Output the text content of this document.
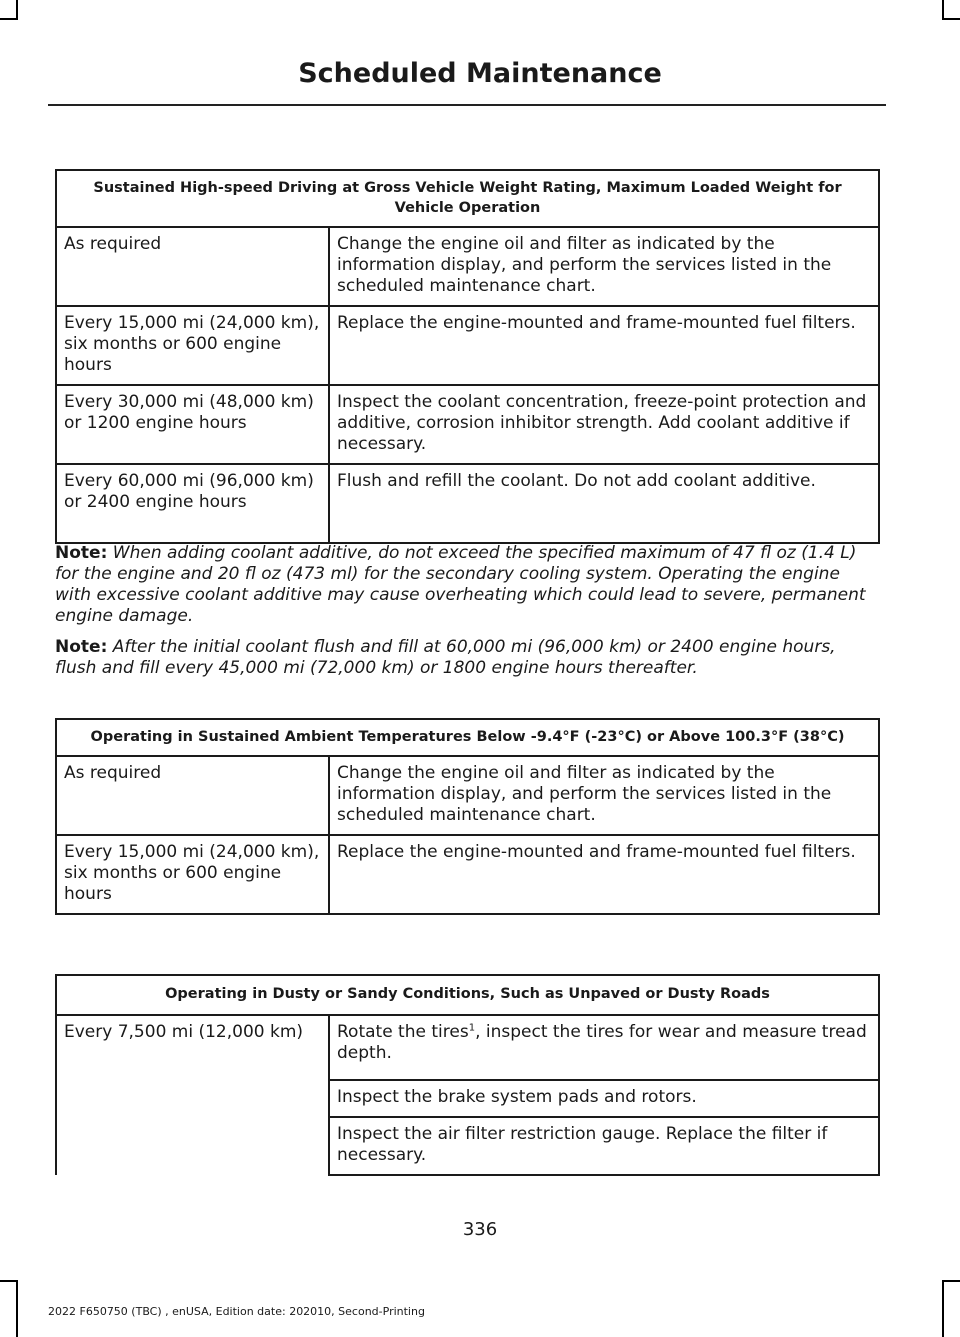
Scheduled Maintenance
Sustained High-speed Driving at Gross Vehicle Weight Rating, Maximum Loaded Weight for Vehicle Operation	
As required	Change the engine oil and filter as indicated by the information display, and perform the services listed in the scheduled maintenance chart.
Every 15,000 mi (24,000 km), six months or 600 engine hours	Replace the engine-mounted and frame-mounted fuel filters.
Every 30,000 mi (48,000 km) or 1200 engine hours	Inspect the coolant concentration, freeze-point protection and additive, corrosion inhibitor strength. Add coolant additive if necessary.
Every 60,000 mi (96,000 km) or 2400 engine hours	Flush and refill the coolant. Do not add coolant additive.

Note: When adding coolant additive, do not exceed the specified maximum of 47 fl oz (1.4 L) for the engine and 20 fl oz (473 ml) for the secondary cooling system. Operating the engine with excessive coolant additive may cause overheating which could lead to severe, permanent engine damage.

Note: After the initial coolant flush and fill at 60,000 mi (96,000 km) or 2400 engine hours, flush and fill every 45,000 mi (72,000 km) or 1800 engine hours thereafter.

Operating in Sustained Ambient Temperatures Below -9.4°F (-23°C) or Above 100.3°F (38°C)	
As required	Change the engine oil and filter as indicated by the information display, and perform the services listed in the scheduled maintenance chart.
Every 15,000 mi (24,000 km), six months or 600 engine hours	Replace the engine-mounted and frame-mounted fuel filters.
Operating in Dusty or Sandy Conditions, Such as Unpaved or Dusty Roads
Every 7,500 mi (12,000 km)	Rotate the tires$^1$, inspect the tires for wear and measure tread depth.
Inspect the brake system pads and rotors.
Inspect the air filter restriction gauge. Replace the filter if necessary.
336
2022 F650750 (TBC) , enUSA, Edition date: 202010, Second-Printing
